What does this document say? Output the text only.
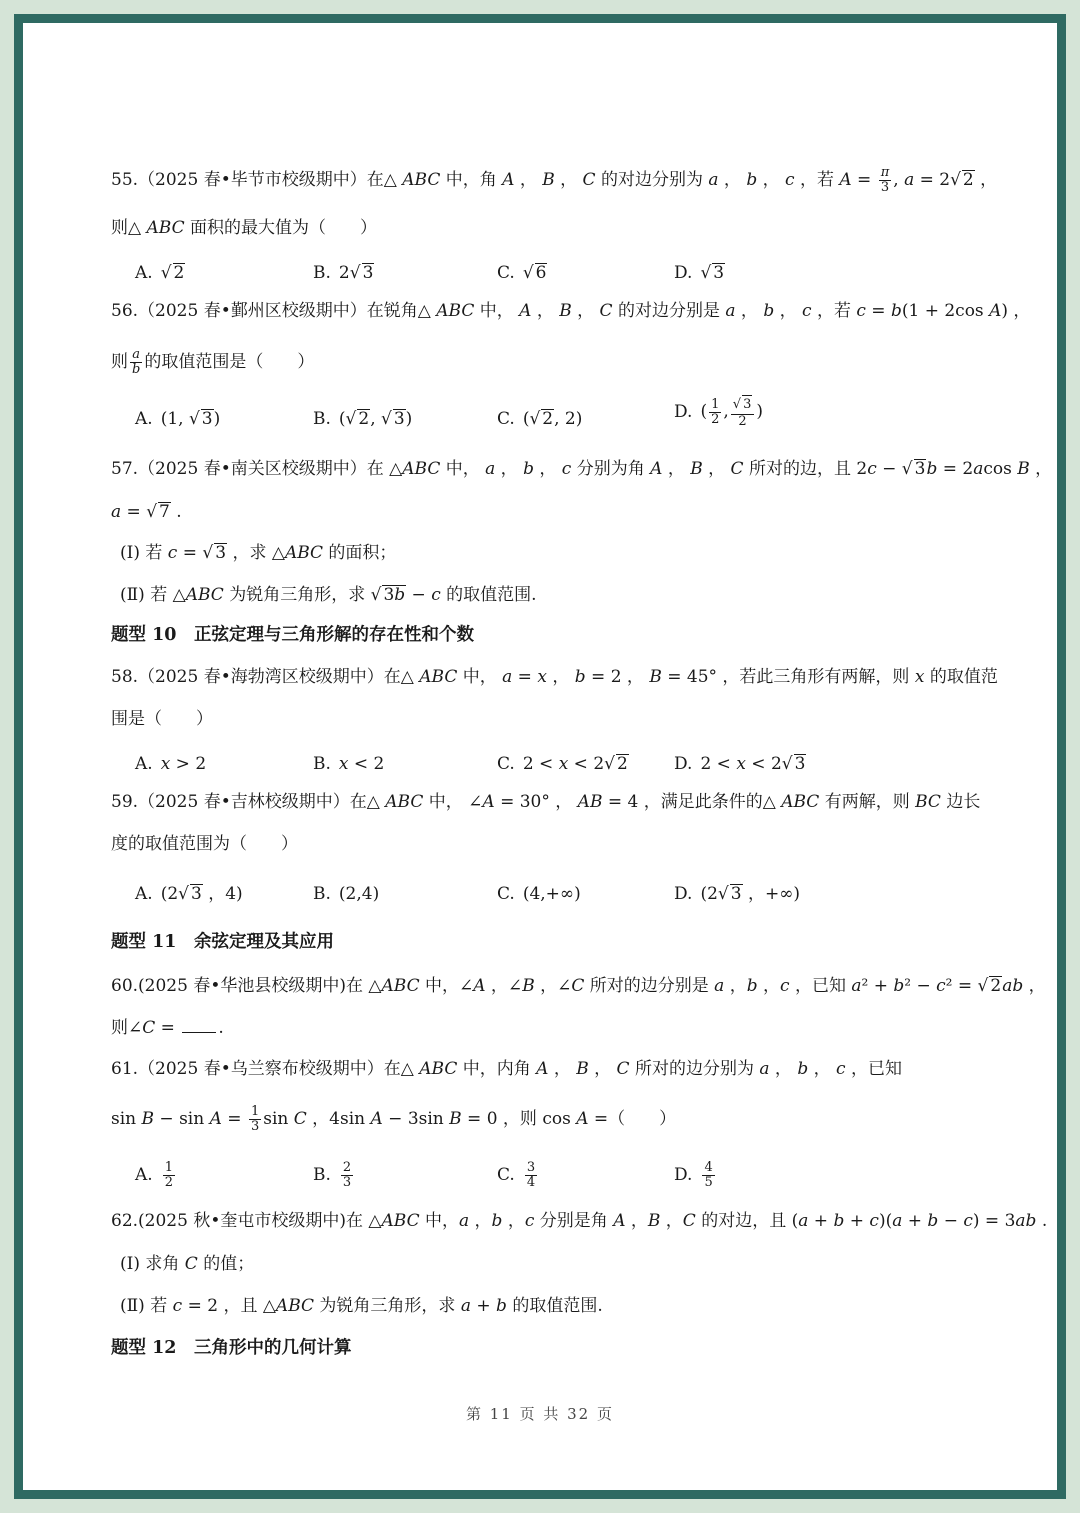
55.（2025 春•毕节市校级期中）在△ ABC 中，角 A ， B ， C 的对边分别为 a ， b ， c ，若 $A = \frac{\pi}{3}$ , a = 2√ 2 ，
则△ ABC 面积的最大值为（　　）
A. √ 2	B. 2√ 3	C. √ 6	D. √ 3
56.（2025 春•鄞州区校级期中）在锐角△ ABC 中， A ， B ， C 的对边分别是 a ， b ， c ，若 c = b(1 + 2cos A) ，
则 $\frac{a}{b}$ 的取值范围是（　　）
A. (1, √ 3)	B. (√ 2, √ 3)	C. (√ 2, 2)	D. ( $\frac{1}{2}$ , $\frac{√ 3}{2}$ )
57.（2025 春•南关区校级期中）在 △ABC 中， a ， b ， c 分别为角 A ， B ， C 所对的边，且 2c − √ 3b = 2acos B ，
a = √ 7 .
(Ⅰ) 若 c = √ 3 ，求 △ABC 的面积；
(Ⅱ) 若 △ABC 为锐角三角形，求 √ 3b − c 的取值范围.
题型 10　正弦定理与三角形解的存在性和个数
58.（2025 春•海勃湾区校级期中）在△ ABC 中， a = x ， b = 2 ， B = 45° ，若此三角形有两解，则 x 的取值范
围是（　　）
A. x > 2	B. x < 2	C. 2 < x < 2√ 2	D. 2 < x < 2√ 3
59.（2025 春•吉林校级期中）在△ ABC 中， ∠A = 30° ， AB = 4 ，满足此条件的△ ABC 有两解，则 BC 边长
度的取值范围为（　　）
A. (2√ 3 ，4)	B. (2,4)	C. (4,+∞)	D. (2√ 3 ，+∞)
题型 11　余弦定理及其应用
60.(2025 春•华池县校级期中)在 △ABC 中，∠A ，∠B ，∠C 所对的边分别是 a ，b ，c ，已知 a² + b² − c² = √ 2ab ，
则∠C = .
61.（2025 春•乌兰察布校级期中）在△ ABC 中，内角 A ， B ， C 所对的边分别为 a ， b ， c ，已知
$\sin B - \sin A = \frac{1}{3}$ sin C ，4sin A − 3sin B = 0 ，则 cos A =（　　）
A. $\frac{1}{2}$	B. $\frac{2}{3}$	C. $\frac{3}{4}$	D. $\frac{4}{5}$
62.(2025 秋•奎屯市校级期中)在 △ABC 中，a ，b ，c 分别是角 A ，B ，C 的对边，且 (a + b + c)(a + b − c) = 3ab .
(Ⅰ) 求角 C 的值；
(Ⅱ) 若 c = 2 ，且 △ABC 为锐角三角形，求 a + b 的取值范围.
题型 12　三角形中的几何计算
第 11 页 共 32 页
